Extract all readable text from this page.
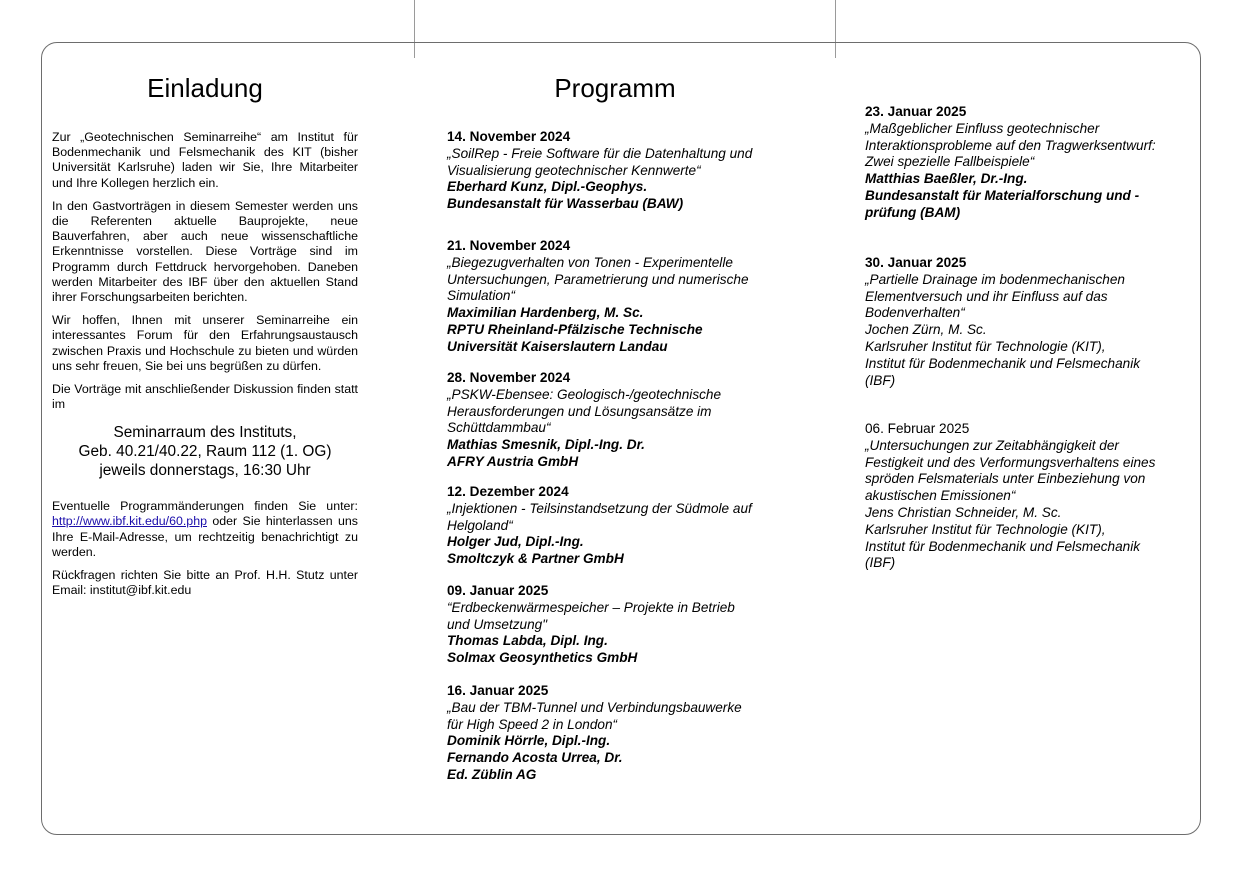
Einladung

Zur „Geotechnischen Seminarreihe“ am Institut für Bodenmechanik und Felsmechanik des KIT (bisher Universität Karlsruhe) laden wir Sie, Ihre Mitarbeiter und Ihre Kollegen herzlich ein.

In den Gastvorträgen in diesem Semester werden uns die Referenten aktuelle Bauprojekte, neue Bauverfahren, aber auch neue wissenschaftliche Erkenntnisse vorstellen. Diese Vorträge sind im Programm durch Fettdruck hervorgehoben. Daneben werden Mitarbeiter des IBF über den aktuellen Stand ihrer Forschungsarbeiten berichten.

Wir hoffen, Ihnen mit unserer Seminarreihe ein interessantes Forum für den Erfahrungsaustausch zwischen Praxis und Hochschule zu bieten und würden uns sehr freuen, Sie bei uns begrüßen zu dürfen.

Die Vorträge mit anschließender Diskussion finden statt im

Seminarraum des Instituts,
Geb. 40.21/40.22, Raum 112 (1. OG)
jeweils donnerstags, 16:30 Uhr

Eventuelle Programmänderungen finden Sie unter: http://www.ibf.kit.edu/60.php oder Sie hinterlassen uns Ihre E-Mail-Adresse, um rechtzeitig benachrichtigt zu werden.

Rückfragen richten Sie bitte an Prof. H.H. Stutz unter Email: institut@ibf.kit.edu

Programm
14. November 2024
„SoilRep - Freie Software für die Datenhaltung und
Visualisierung geotechnischer Kennwerte“
Eberhard Kunz, Dipl.-Geophys.
Bundesanstalt für Wasserbau (BAW)
21. November 2024
„Biegezugverhalten von Tonen - Experimentelle
Untersuchungen, Parametrierung und numerische
Simulation“
Maximilian Hardenberg, M. Sc.
RPTU Rheinland-Pfälzische Technische
Universität Kaiserslautern Landau
28. November 2024
„PSKW-Ebensee: Geologisch-/geotechnische
Herausforderungen und Lösungsansätze im
Schüttdammbau“
Mathias Smesnik, Dipl.-Ing. Dr.
AFRY Austria GmbH
12. Dezember 2024
„Injektionen - Teilsinstandsetzung der Südmole auf
Helgoland“
Holger Jud, Dipl.-Ing.
Smoltczyk & Partner GmbH
09. Januar 2025
“Erdbeckenwärmespeicher – Projekte in Betrieb
und Umsetzung"
Thomas Labda, Dipl. Ing.
Solmax Geosynthetics GmbH
16. Januar 2025
„Bau der TBM-Tunnel und Verbindungsbauwerke
für High Speed 2 in London“
Dominik Hörrle, Dipl.-Ing.
Fernando Acosta Urrea, Dr.
Ed. Züblin AG
23. Januar 2025
„Maßgeblicher Einfluss geotechnischer
Interaktionsprobleme auf den Tragwerksentwurf:
Zwei spezielle Fallbeispiele“
Matthias Baeßler, Dr.-Ing.
Bundesanstalt für Materialforschung und -
prüfung (BAM)
30. Januar 2025
„Partielle Drainage im bodenmechanischen
Elementversuch und ihr Einfluss auf das
Bodenverhalten“
Jochen Zürn, M. Sc.
Karlsruher Institut für Technologie (KIT),
Institut für Bodenmechanik und Felsmechanik
(IBF)
06. Februar 2025
„Untersuchungen zur Zeitabhängigkeit der
Festigkeit und des Verformungsverhaltens eines
spröden Felsmaterials unter Einbeziehung von
akustischen Emissionen“
Jens Christian Schneider, M. Sc.
Karlsruher Institut für Technologie (KIT),
Institut für Bodenmechanik und Felsmechanik
(IBF)
